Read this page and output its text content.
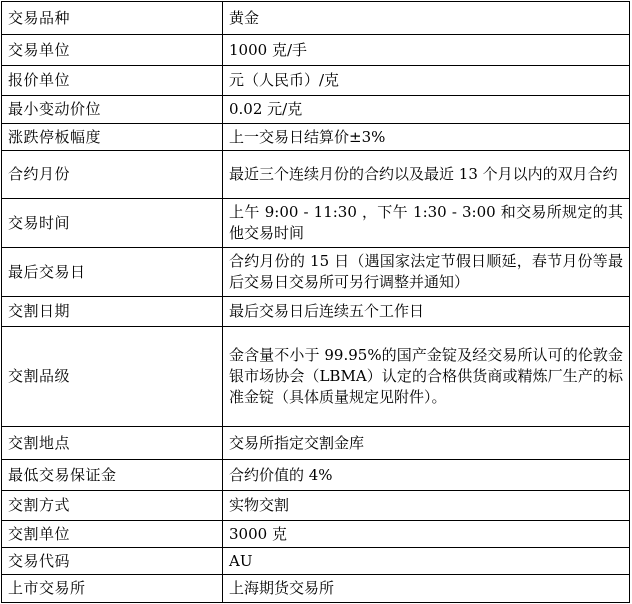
交易品种	黄金
交易单位	1000 克/手
报价单位	元（人民币）/克
最小变动价位	0.02 元/克
涨跌停板幅度	上一交易日结算价±3%
合约月份	最近三个连续月份的合约以及最近 13 个月以内的双月合约
交易时间	上午 9:00 - 11:30 ，下午 1:30 - 3:00 和交易所规定的其他交易时间
最后交易日	合约月份的 15 日（遇国家法定节假日顺延，春节月份等最后交易日交易所可另行调整并通知）
交割日期	最后交易日后连续五个工作日
交割品级	金含量不小于 99.95%的国产金锭及经交易所认可的伦敦金银市场协会（LBMA）认定的合格供货商或精炼厂生产的标准金锭（具体质量规定见附件）。
交割地点	交易所指定交割金库
最低交易保证金	合约价值的 4%
交割方式	实物交割
交割单位	3000 克
交易代码	AU
上市交易所	上海期货交易所
